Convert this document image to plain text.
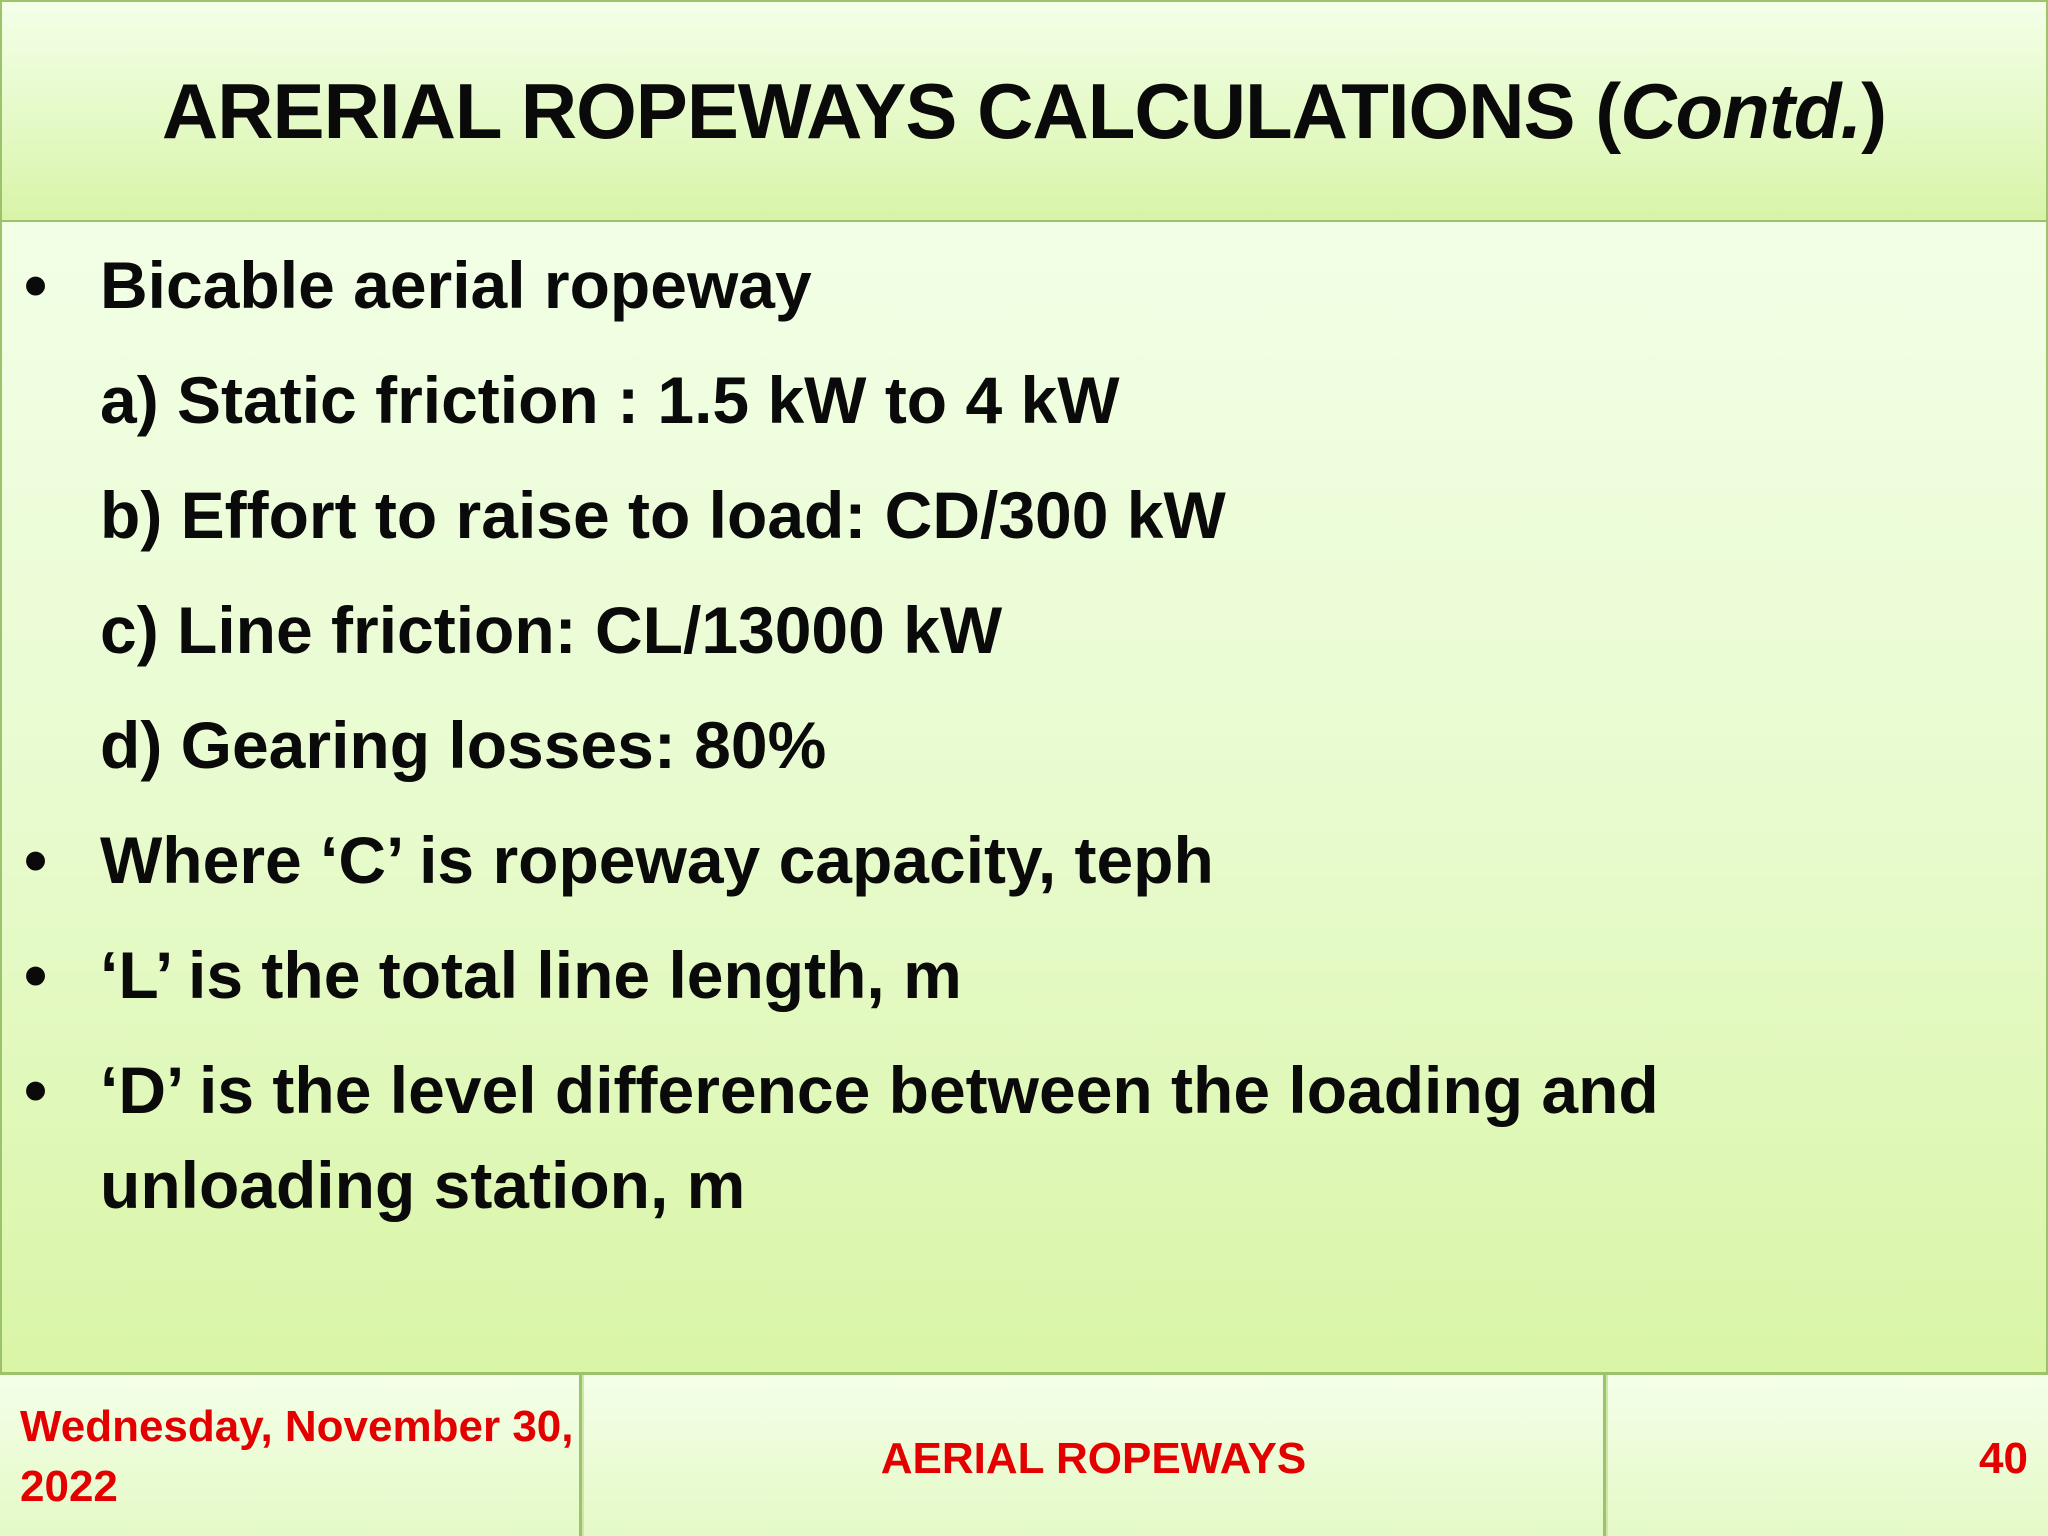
ARERIAL ROPEWAYS CALCULATIONS (Contd.)
• Bicable aerial ropeway
a) Static friction : 1.5 kW to 4 kW
b) Effort to raise to load: CD/300 kW
c) Line friction: CL/13000 kW
d) Gearing losses: 80%
• Where ‘C’ is ropeway capacity, teph
• ‘L’ is the total line length, m
• ‘D’ is the level difference between the loading and unloading station, m
Wednesday, November 30, 2022
AERIAL ROPEWAYS	40
